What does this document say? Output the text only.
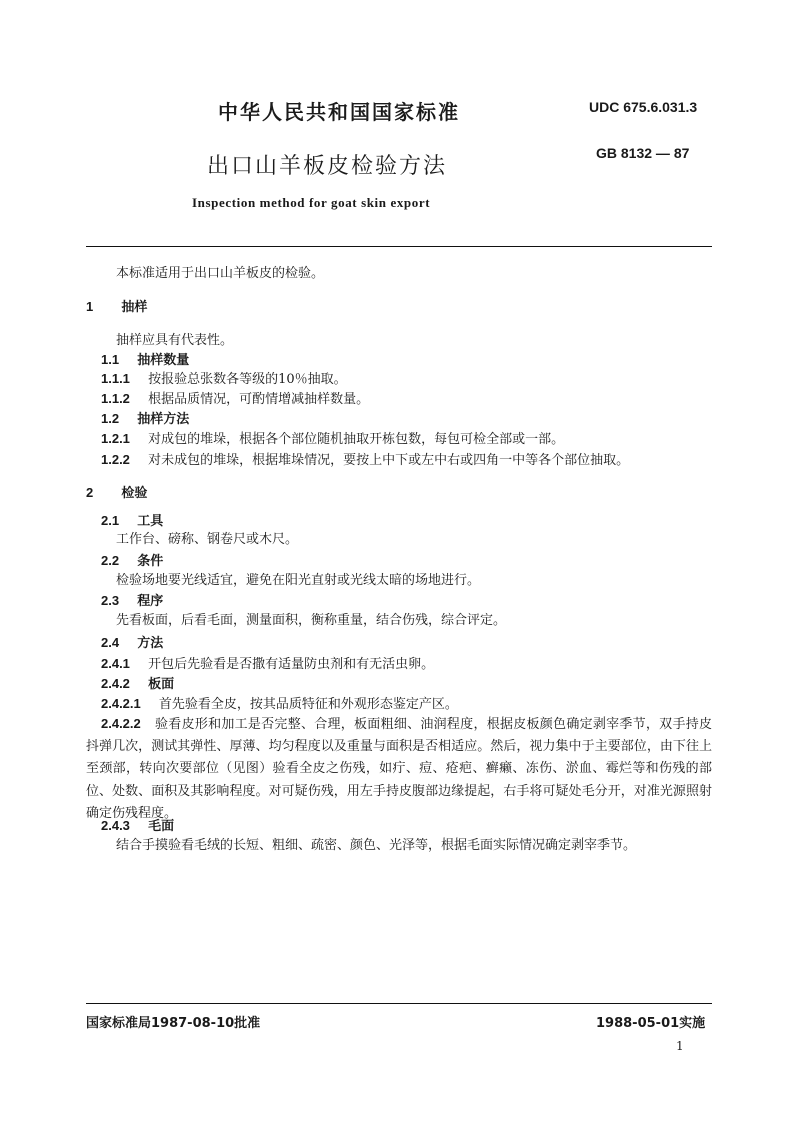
中华人民共和国国家标准	UDC 675.6.031.3
出口山羊板皮检验方法
GB 8132 — 87
Inspection method for goat skin export
本标准适用于出口山羊板皮的检验。
1 抽样
抽样应具有代表性。
1.1 抽样数量
1.1.1 按报验总张数各等级的10％抽取。
1.1.2 根据品质情况，可酌情增减抽样数量。
1.2 抽样方法
1.2.1 对成包的堆垛，根据各个部位随机抽取开栋包数，每包可检全部或一部。
1.2.2 对未成包的堆垛，根据堆垛情况，要按上中下或左中右或四角一中等各个部位抽取。
2 检验
2.1 工具
工作台、磅称、钢卷尺或木尺。
2.2 条件
检验场地要光线适宜，避免在阳光直射或光线太暗的场地进行。
2.3 程序
先看板面，后看毛面，测量面积，衡称重量，结合伤残，综合评定。
2.4 方法
2.4.1 开包后先验看是否撒有适量防虫剂和有无活虫卵。
2.4.2 板面
2.4.2.1 首先验看全皮，按其品质特征和外观形态鉴定产区。
2.4.2.2 验看皮形和加工是否完整、合理，板面粗细、油润程度，根据皮板颜色确定剥宰季节，双手持皮抖弹几次，测试其弹性、厚薄、均匀程度以及重量与面积是否相适应。然后，视力集中于主要部位，由下往上至颈部，转向次要部位（见图）验看全皮之伤残，如疔、痘、疮疤、癣癞、冻伤、淤血、霉烂等和伤残的部位、处数、面积及其影响程度。对可疑伤残，用左手持皮腹部边缘提起，右手将可疑处毛分开，对准光源照射确定伤残程度。
2.4.3 毛面
结合手摸验看毛绒的长短、粗细、疏密、颜色、光泽等，根据毛面实际情况确定剥宰季节。
国家标准局1987-08-10批准	1988-05-01实施
1
